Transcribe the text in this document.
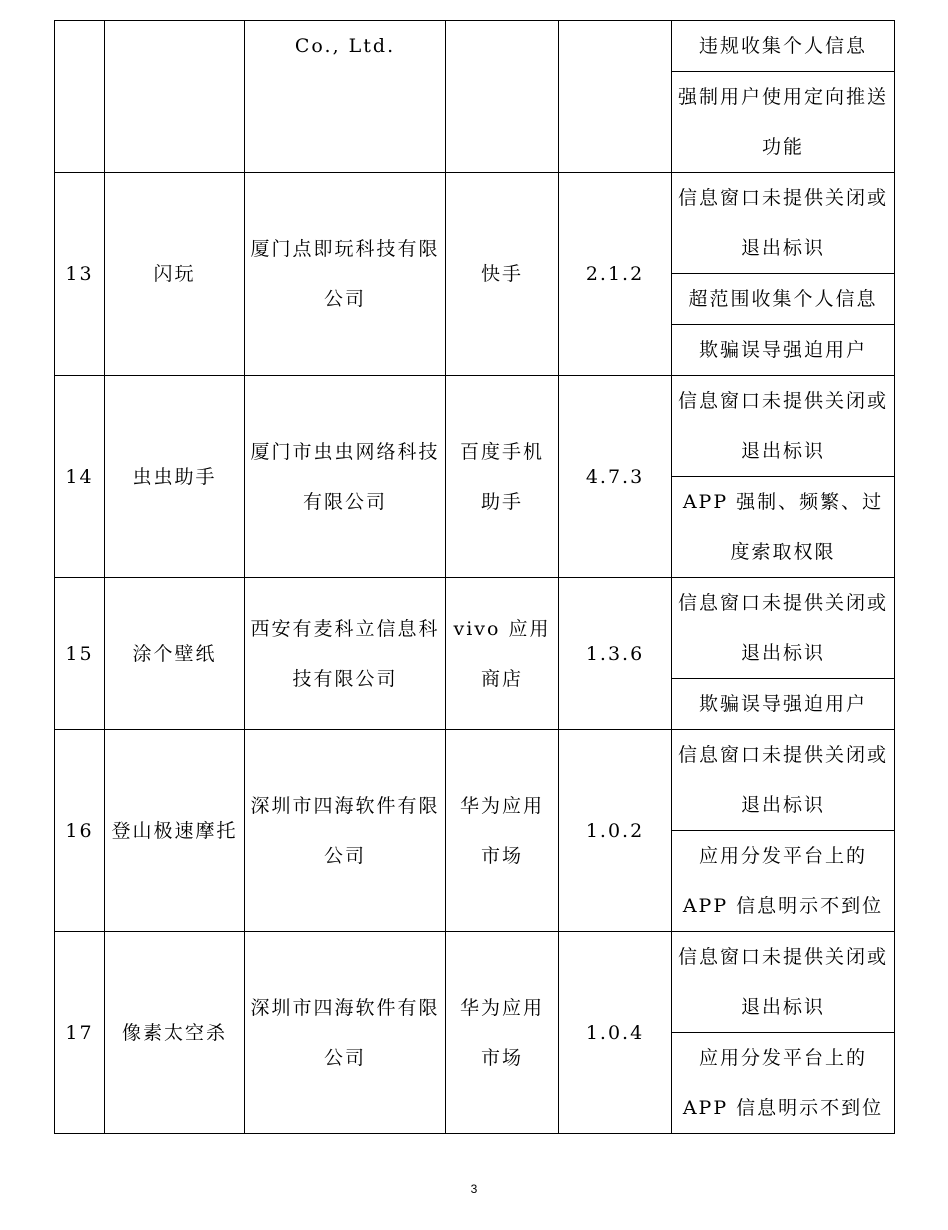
		Co., Ltd.			违规收集个人信息
					强制用户使用定向推送功能
13	闪玩	厦门点即玩科技有限公司	快手	2.1.2	信息窗口未提供关闭或退出标识
					超范围收集个人信息
					欺骗误导强迫用户
14	虫虫助手	厦门市虫虫网络科技有限公司	百度手机助手	4.7.3	信息窗口未提供关闭或退出标识
					APP 强制、频繁、过度索取权限
15	涂个壁纸	西安有麦科立信息科技有限公司	vivo 应用商店	1.3.6	信息窗口未提供关闭或退出标识
					欺骗误导强迫用户
16	登山极速摩托	深圳市四海软件有限公司	华为应用市场	1.0.2	信息窗口未提供关闭或退出标识
					应用分发平台上的APP 信息明示不到位
17	像素太空杀	深圳市四海软件有限公司	华为应用市场	1.0.4	信息窗口未提供关闭或退出标识
					应用分发平台上的APP 信息明示不到位
3
